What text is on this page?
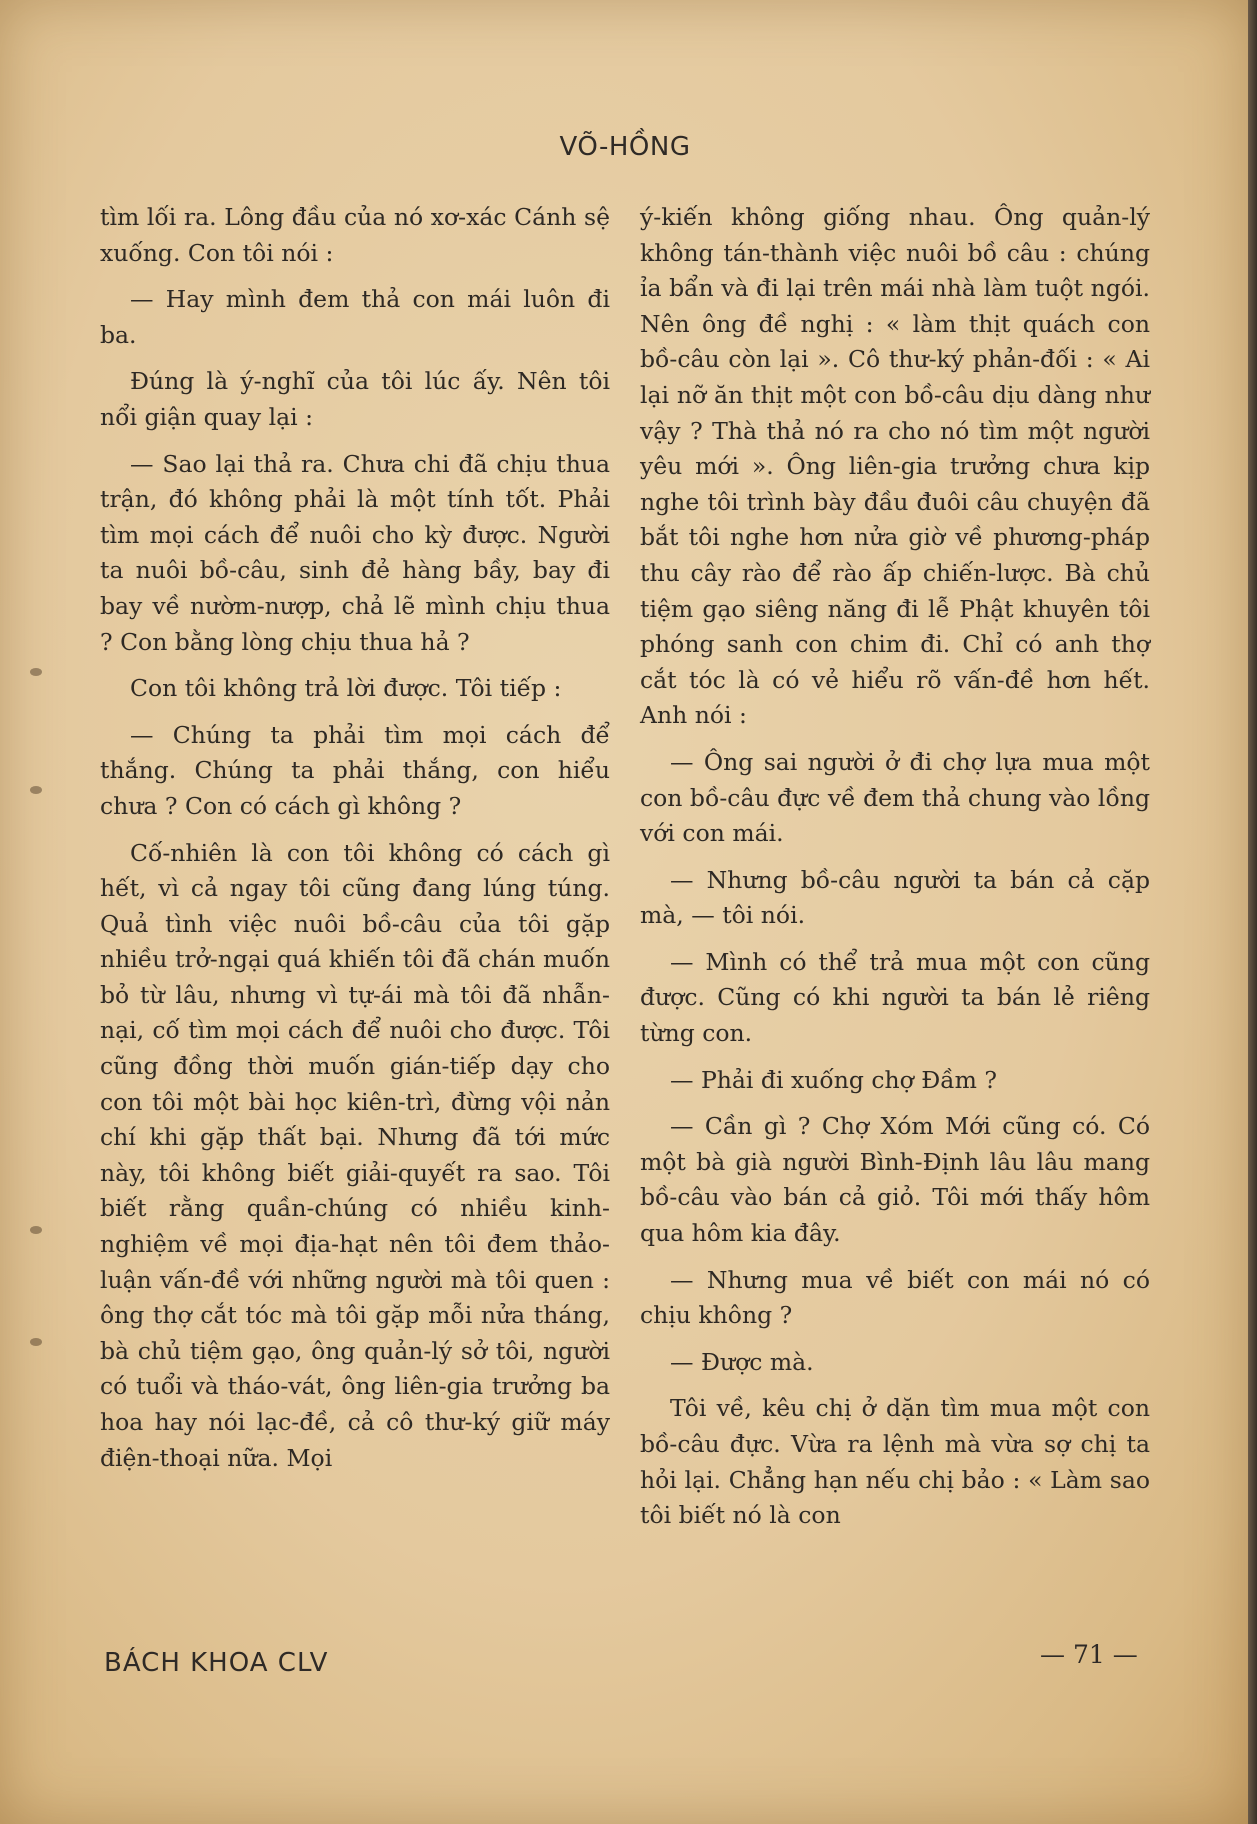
VÕ-HỒNG

tìm lối ra. Lông đầu của nó xơ-xác Cánh sệ xuống. Con tôi nói :

— Hay mình đem thả con mái luôn đi ba.

Đúng là ý-nghĩ của tôi lúc ấy. Nên tôi nổi giận quay lại :

— Sao lại thả ra. Chưa chi đã chịu thua trận, đó không phải là một tính tốt. Phải tìm mọi cách để nuôi cho kỳ được. Người ta nuôi bồ-câu, sinh đẻ hàng bầy, bay đi bay về nườm-nượp, chả lẽ mình chịu thua ? Con bằng lòng chịu thua hả ?

Con tôi không trả lời được. Tôi tiếp :

— Chúng ta phải tìm mọi cách để thắng. Chúng ta phải thắng, con hiểu chưa ? Con có cách gì không ?

Cố-nhiên là con tôi không có cách gì hết, vì cả ngay tôi cũng đang lúng túng. Quả tình việc nuôi bồ-câu của tôi gặp nhiều trở-ngại quá khiến tôi đã chán muốn bỏ từ lâu, nhưng vì tự-ái mà tôi đã nhẫn-nại, cố tìm mọi cách để nuôi cho được. Tôi cũng đồng thời muốn gián-tiếp dạy cho con tôi một bài học kiên-trì, đừng vội nản chí khi gặp thất bại. Nhưng đã tới mức này, tôi không biết giải-quyết ra sao. Tôi biết rằng quần-chúng có nhiều kinh-nghiệm về mọi địa-hạt nên tôi đem thảo-luận vấn-đề với những người mà tôi quen : ông thợ cắt tóc mà tôi gặp mỗi nửa tháng, bà chủ tiệm gạo, ông quản-lý sở tôi, người có tuổi và tháo-vát, ông liên-gia trưởng ba hoa hay nói lạc-đề, cả cô thư-ký giữ máy điện-thoại nữa. Mọi

ý-kiến không giống nhau. Ông quản-lý không tán-thành việc nuôi bồ câu : chúng ỉa bẩn và đi lại trên mái nhà làm tuột ngói. Nên ông đề nghị : « làm thịt quách con bồ-câu còn lại ». Cô thư-ký phản-đối : « Ai lại nỡ ăn thịt một con bồ-câu dịu dàng như vậy ? Thà thả nó ra cho nó tìm một người yêu mới ». Ông liên-gia trưởng chưa kịp nghe tôi trình bày đầu đuôi câu chuyện đã bắt tôi nghe hơn nửa giờ về phương-pháp thu cây rào để rào ấp chiến-lược. Bà chủ tiệm gạo siêng năng đi lễ Phật khuyên tôi phóng sanh con chim đi. Chỉ có anh thợ cắt tóc là có vẻ hiểu rõ vấn-đề hơn hết. Anh nói :

— Ông sai người ở đi chợ lựa mua một con bồ-câu đực về đem thả chung vào lồng với con mái.

— Nhưng bồ-câu người ta bán cả cặp mà, — tôi nói.

— Mình có thể trả mua một con cũng được. Cũng có khi người ta bán lẻ riêng từng con.

— Phải đi xuống chợ Đầm ?

— Cần gì ? Chợ Xóm Mới cũng có. Có một bà già người Bình-Định lâu lâu mang bồ-câu vào bán cả giỏ. Tôi mới thấy hôm qua hôm kia đây.

— Nhưng mua về biết con mái nó có chịu không ?

— Được mà.

Tôi về, kêu chị ở dặn tìm mua một con bồ-câu đực. Vừa ra lệnh mà vừa sợ chị ta hỏi lại. Chẳng hạn nếu chị bảo : « Làm sao tôi biết nó là con

BÁCH KHOA CLV	— 71 —
